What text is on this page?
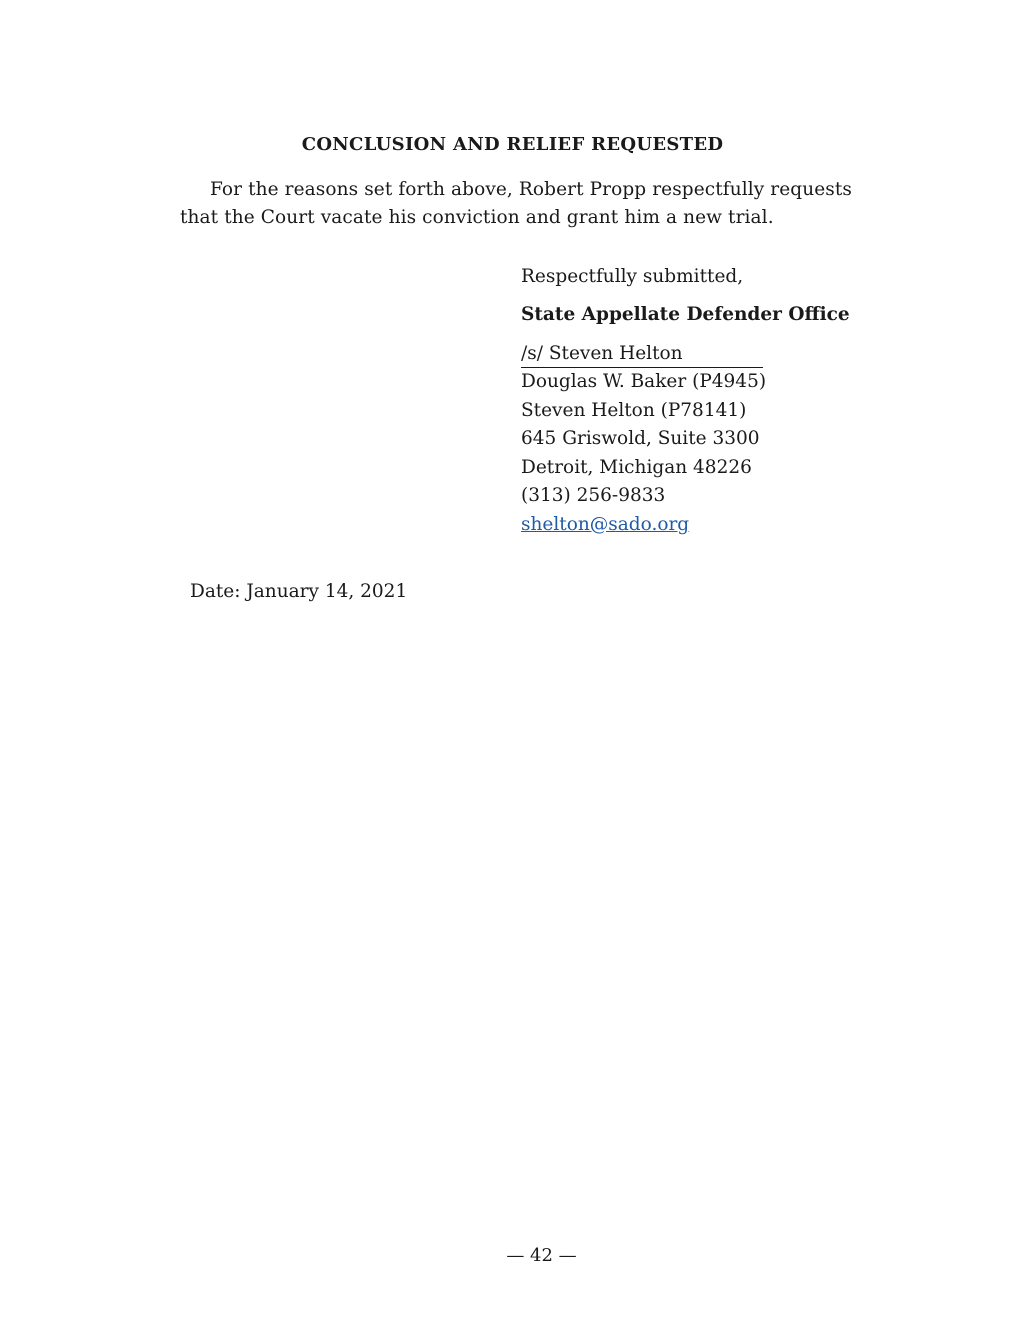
CONCLUSION AND RELIEF REQUESTED
For the reasons set forth above, Robert Propp respectfully requests
that the Court vacate his conviction and grant him a new trial.
Respectfully submitted,
State Appellate Defender Office
/s/ Steven Helton
Douglas W. Baker (P4945)
Steven Helton (P78141)
645 Griswold, Suite 3300
Detroit, Michigan 48226
(313) 256-9833
shelton@sado.org
Date: January 14, 2021
— 42 —
